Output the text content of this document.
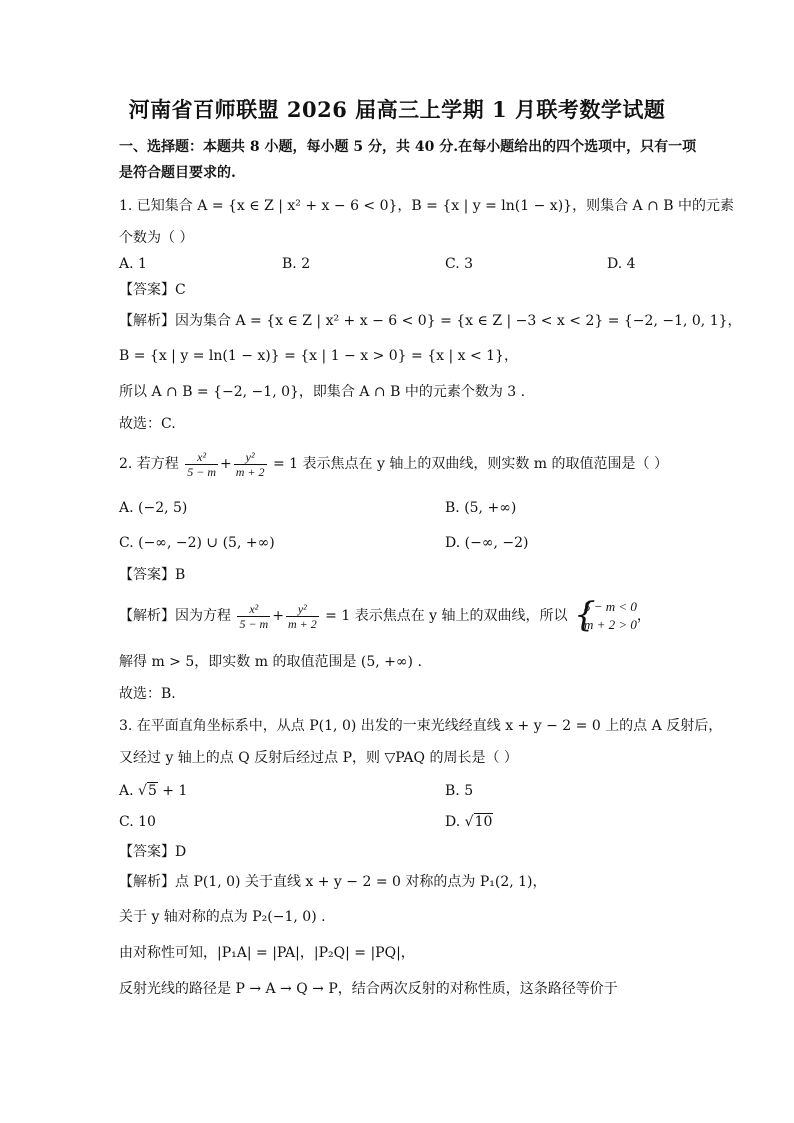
河南省百师联盟 2026 届高三上学期 1 月联考数学试题
一、选择题：本题共 8 小题，每小题 5 分，共 40 分.在每小题给出的四个选项中，只有一项
是符合题目要求的.
1. 已知集合 A = {x ∈ Z | x² + x − 6 < 0}，B = {x | y = ln(1 − x)}，则集合 A ∩ B 中的元素
个数为（ ）
A. 1	B. 2	C. 3	D. 4
【答案】C
【解析】因为集合 A = {x ∈ Z | x² + x − 6 < 0} = {x ∈ Z | −3 < x < 2} = {−2, −1, 0, 1}，
B = {x | y = ln(1 − x)} = {x | 1 − x > 0} = {x | x < 1}，
所以 A ∩ B = {−2, −1, 0}，即集合 A ∩ B 中的元素个数为 3 .
故选：C.
2. 若方程 $\frac{\text{x²}}{5 - m} + \frac{\text{y²}}{m + 2} = 1$ 表示焦点在 y 轴上的双曲线，则实数 m 的取值范围是（ ）
A. (−2, 5)	B. (5, +∞)
C. (−∞, −2) ∪ (5, +∞)	D. (−∞, −2)
【答案】B
【解析】因为方程 $\frac{\text{x²}}{5 - m} + \frac{\text{y²}}{m + 2} = 1$ 表示焦点在 y 轴上的双曲线，所以 {
5 − m < 0
m + 2 > 0
，
解得 m > 5，即实数 m 的取值范围是 (5, +∞) .
故选：B.
3. 在平面直角坐标系中，从点 P(1, 0) 出发的一束光线经直线 x + y − 2 = 0 上的点 A 反射后，
又经过 y 轴上的点 Q 反射后经过点 P，则 ▽PAQ 的周长是（ ）
A. √5 + 1	B. 5
C. 10	D. √10
【答案】D
【解析】点 P(1, 0) 关于直线 x + y − 2 = 0 对称的点为 P₁(2, 1)，
关于 y 轴对称的点为 P₂(−1, 0) .
由对称性可知，|P₁A| = |PA|，|P₂Q| = |PQ|，
反射光线的路径是 P → A → Q → P，结合两次反射的对称性质，这条路径等价于
